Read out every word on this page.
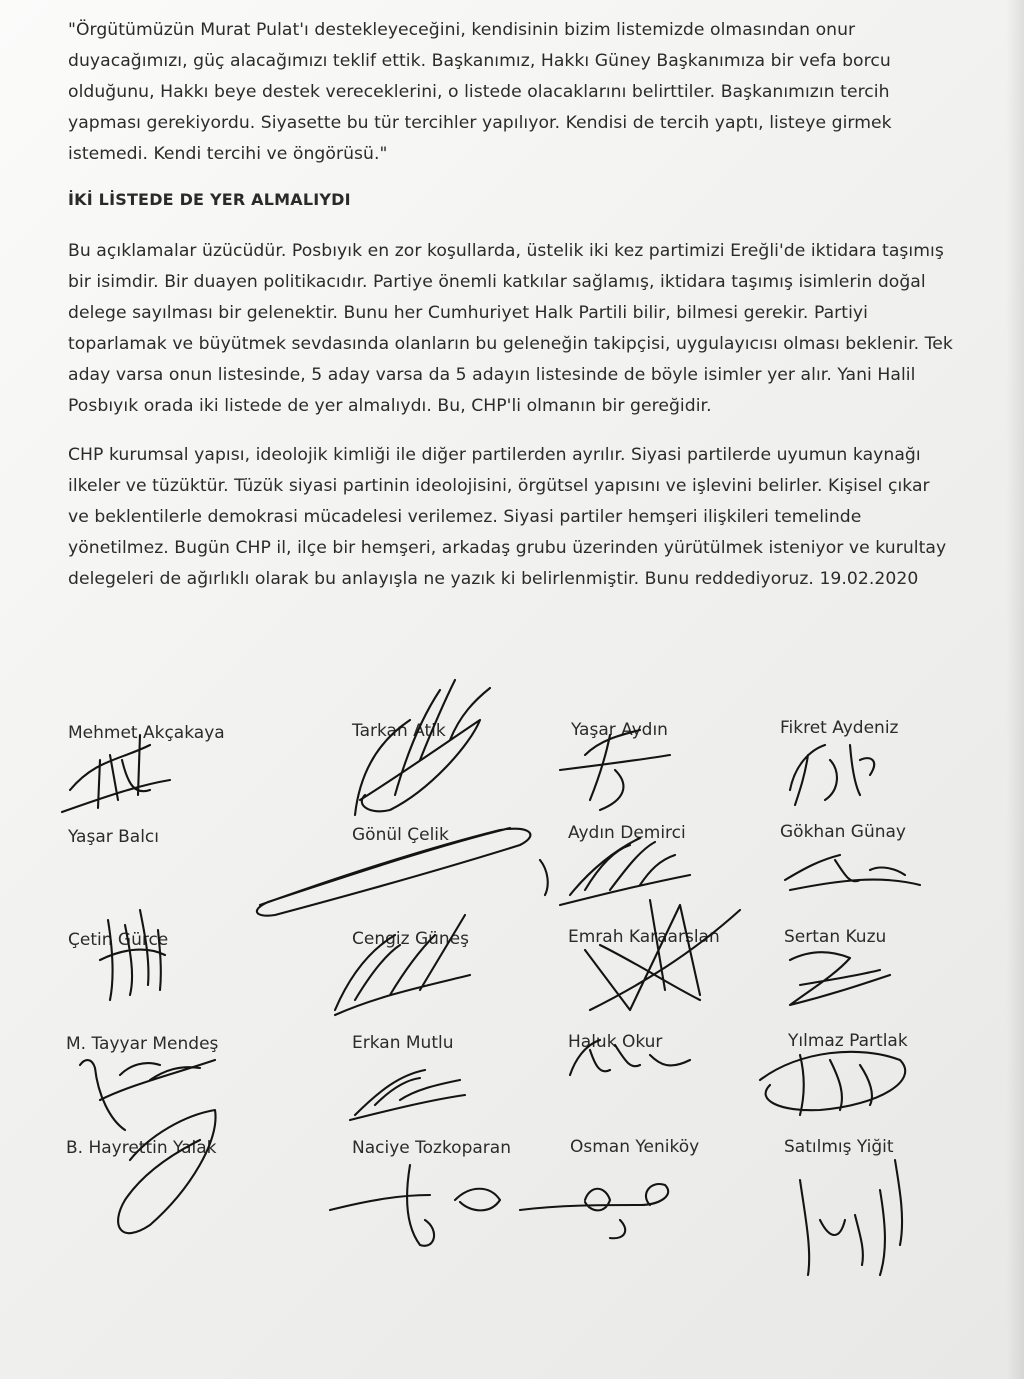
"Örgütümüzün Murat Pulat'ı destekleyeceğini, kendisinin bizim listemizde olmasından onur
duyacağımızı, güç alacağımızı teklif ettik. Başkanımız, Hakkı Güney Başkanımıza bir vefa borcu
olduğunu, Hakkı beye destek vereceklerini, o listede olacaklarını belirttiler. Başkanımızın tercih
yapması gerekiyordu. Siyasette bu tür tercihler yapılıyor. Kendisi de tercih yaptı, listeye girmek
istemedi. Kendi tercihi ve öngörüsü."
İKİ LİSTEDE DE YER ALMALIYDI
Bu açıklamalar üzücüdür. Posbıyık en zor koşullarda, üstelik iki kez partimizi Ereğli'de iktidara taşımış
bir isimdir. Bir duayen politikacıdır. Partiye önemli katkılar sağlamış, iktidara taşımış isimlerin doğal
delege sayılması bir gelenektir. Bunu her Cumhuriyet Halk Partili bilir, bilmesi gerekir. Partiyi
toparlamak ve büyütmek sevdasında olanların bu geleneğin takipçisi, uygulayıcısı olması beklenir. Tek
aday varsa onun listesinde, 5 aday varsa da 5 adayın listesinde de böyle isimler yer alır. Yani Halil
Posbıyık orada iki listede de yer almalıydı. Bu, CHP'li olmanın bir gereğidir.
CHP kurumsal yapısı, ideolojik kimliği ile diğer partilerden ayrılır. Siyasi partilerde uyumun kaynağı
ilkeler ve tüzüktür. Tüzük siyasi partinin ideolojisini, örgütsel yapısını ve işlevini belirler. Kişisel çıkar
ve beklentilerle demokrasi mücadelesi verilemez. Siyasi partiler hemşeri ilişkileri temelinde
yönetilmez. Bugün CHP il, ilçe bir hemşeri, arkadaş grubu üzerinden yürütülmek isteniyor ve kurultay
delegeleri de ağırlıklı olarak bu anlayışla ne yazık ki belirlenmiştir. Bunu reddediyoruz. 19.02.2020
Mehmet Akçakaya	Tarkan Atik	Yaşar Aydın	Fikret Aydeniz
Yaşar Balcı	Gönül Çelik	Aydın Demirci	Gökhan Günay
Çetin Gürce	Cengiz Güneş	Emrah Karaarslan	Sertan Kuzu
M. Tayyar Mendeş	Erkan Mutlu	Haluk Okur	Yılmaz Partlak
B. Hayrettin Yalak	Naciye Tozkoparan	Osman Yeniköy	Satılmış Yiğit
